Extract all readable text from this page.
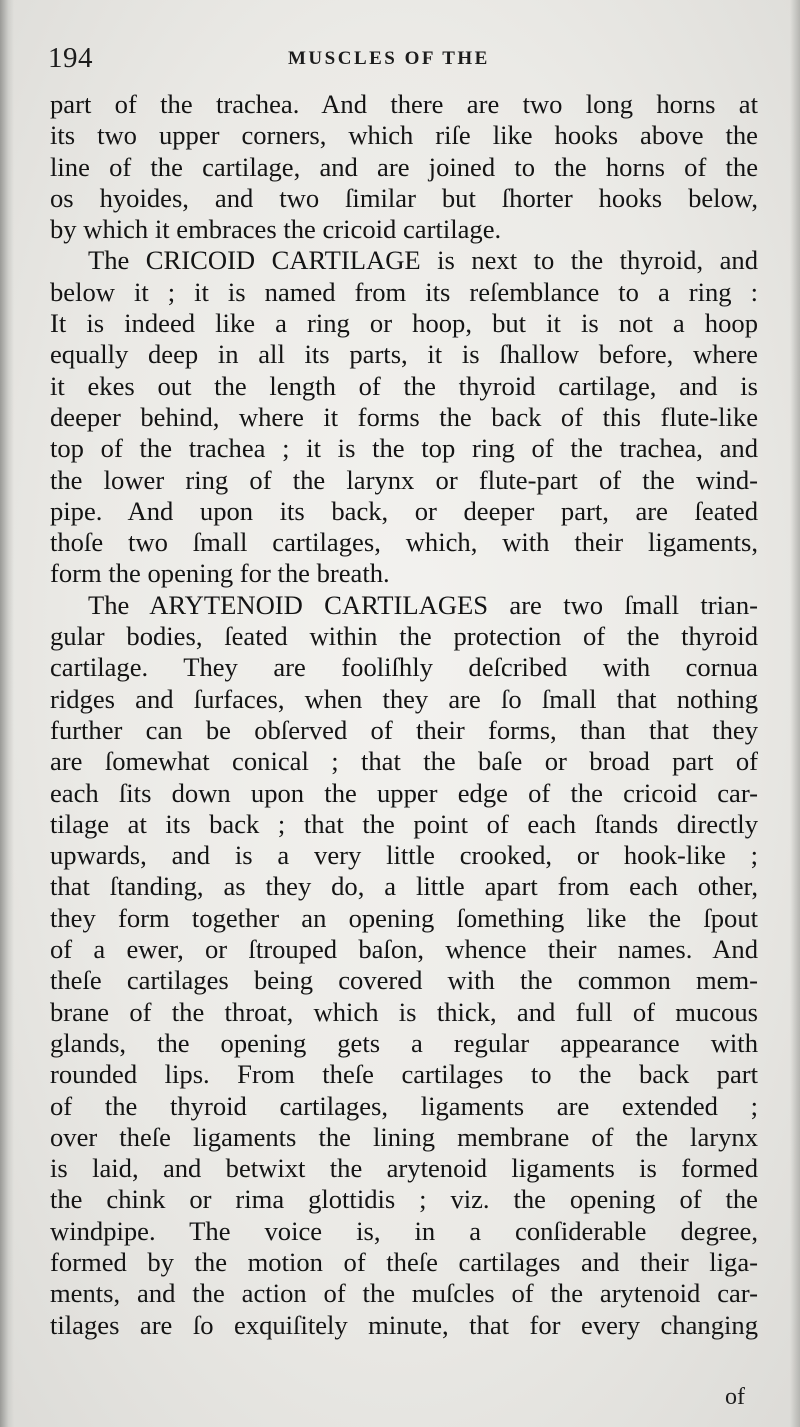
194	MUSCLES OF THE
part of the trachea. And there are two long horns at
its two upper corners, which riſe like hooks above the
line of the cartilage, and are joined to the horns of the
os hyoides, and two ſimilar but ſhorter hooks below,
by which it embraces the cricoid cartilage.
The CRICOID CARTILAGE is next to the thyroid, and
below it ; it is named from its reſemblance to a ring :
It is indeed like a ring or hoop, but it is not a hoop
equally deep in all its parts, it is ſhallow before, where
it ekes out the length of the thyroid cartilage, and is
deeper behind, where it forms the back of this flute-like
top of the trachea ; it is the top ring of the trachea, and
the lower ring of the larynx or flute-part of the wind-
pipe. And upon its back, or deeper part, are ſeated
thoſe two ſmall cartilages, which, with their ligaments,
form the opening for the breath.
The ARYTENOID CARTILAGES are two ſmall trian-
gular bodies, ſeated within the protection of the thyroid
cartilage. They are fooliſhly deſcribed with cornua
ridges and ſurfaces, when they are ſo ſmall that nothing
further can be obſerved of their forms, than that they
are ſomewhat conical ; that the baſe or broad part of
each ſits down upon the upper edge of the cricoid car-
tilage at its back ; that the point of each ſtands directly
upwards, and is a very little crooked, or hook-like ;
that ſtanding, as they do, a little apart from each other,
they form together an opening ſomething like the ſpout
of a ewer, or ſtrouped baſon, whence their names. And
theſe cartilages being covered with the common mem-
brane of the throat, which is thick, and full of mucous
glands, the opening gets a regular appearance with
rounded lips. From theſe cartilages to the back part
of the thyroid cartilages, ligaments are extended ;
over theſe ligaments the lining membrane of the larynx
is laid, and betwixt the arytenoid ligaments is formed
the chink or rima glottidis ; viz. the opening of the
windpipe. The voice is, in a conſiderable degree,
formed by the motion of theſe cartilages and their liga-
ments, and the action of the muſcles of the arytenoid car-
tilages are ſo exquiſitely minute, that for every changing
of
